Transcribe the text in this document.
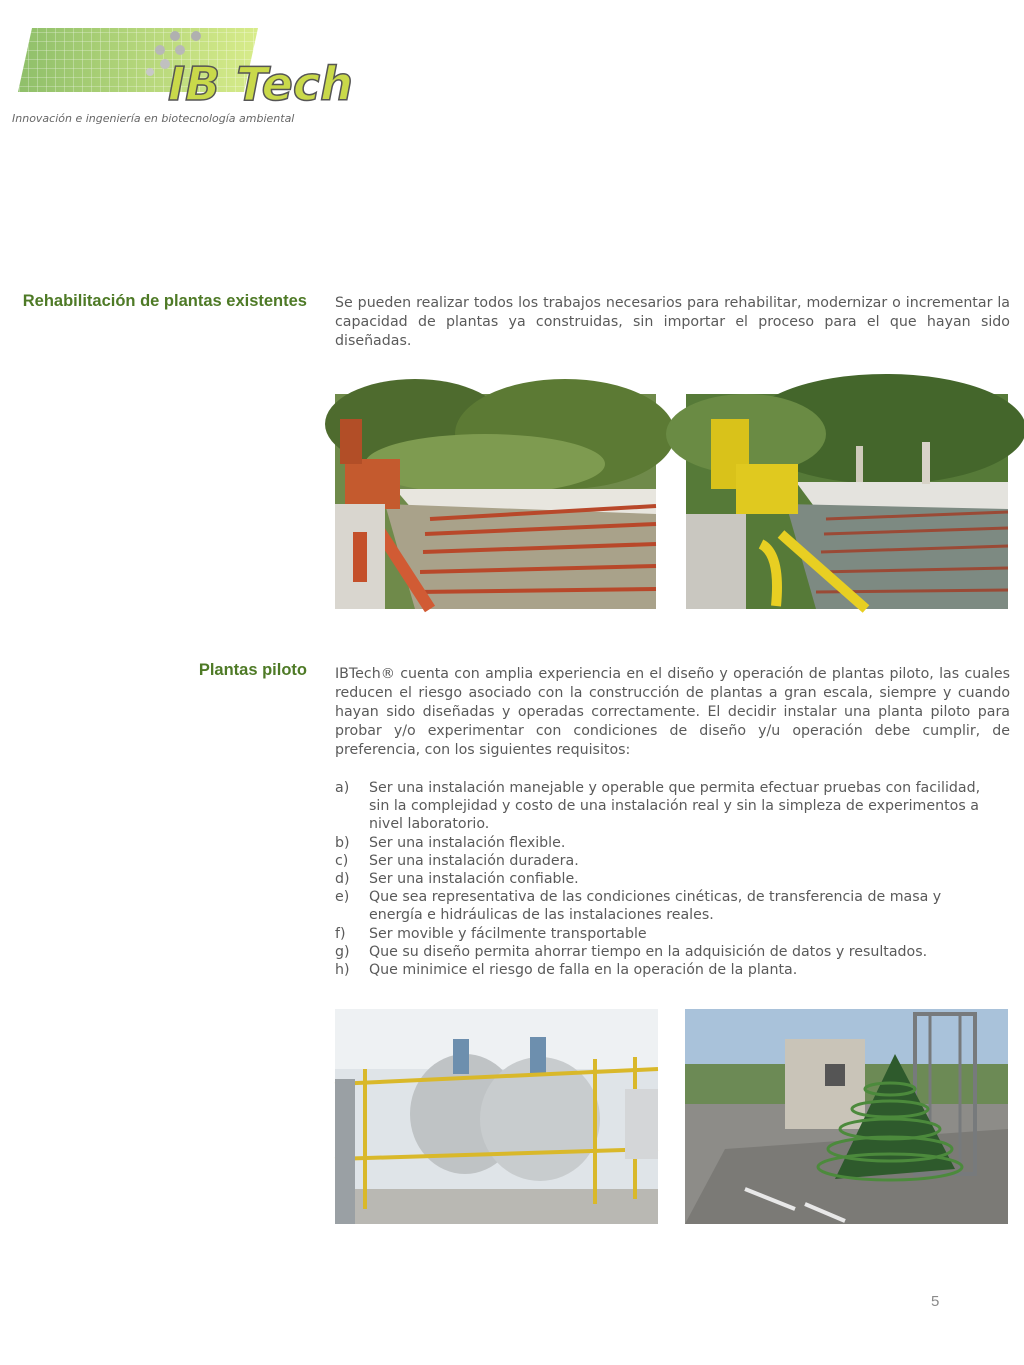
IB Tech
Innovación e ingeniería en biotecnología ambiental
Rehabilitación de plantas existentes Se pueden realizar todos los trabajos necesarios para rehabilitar, modernizar o incrementar la capacidad de plantas ya construidas, sin importar el proceso para el que hayan sido diseñadas.

Plantas piloto IBTech® cuenta con amplia experiencia en el diseño y operación de plantas piloto, las cuales reducen el riesgo asociado con la construcción de plantas a gran escala, siempre y cuando hayan sido diseñadas y operadas correctamente. El decidir instalar una planta piloto para probar y/o experimentar con condiciones de diseño y/u operación debe cumplir, de preferencia, con los siguientes requisitos:

a) Ser una instalación manejable y operable que permita efectuar pruebas con facilidad, sin la complejidad y costo de una instalación real y sin la simpleza de experimentos a nivel laboratorio.
b) Ser una instalación flexible.
c) Ser una instalación duradera.
d) Ser una instalación confiable.
e) Que sea representativa de las condiciones cinéticas, de transferencia de masa y energía e hidráulicas de las instalaciones reales.
f) Ser movible y fácilmente transportable
g) Que su diseño permita ahorrar tiempo en la adquisición de datos y resultados.
h) Que minimice el riesgo de falla en la operación de la planta.
5
